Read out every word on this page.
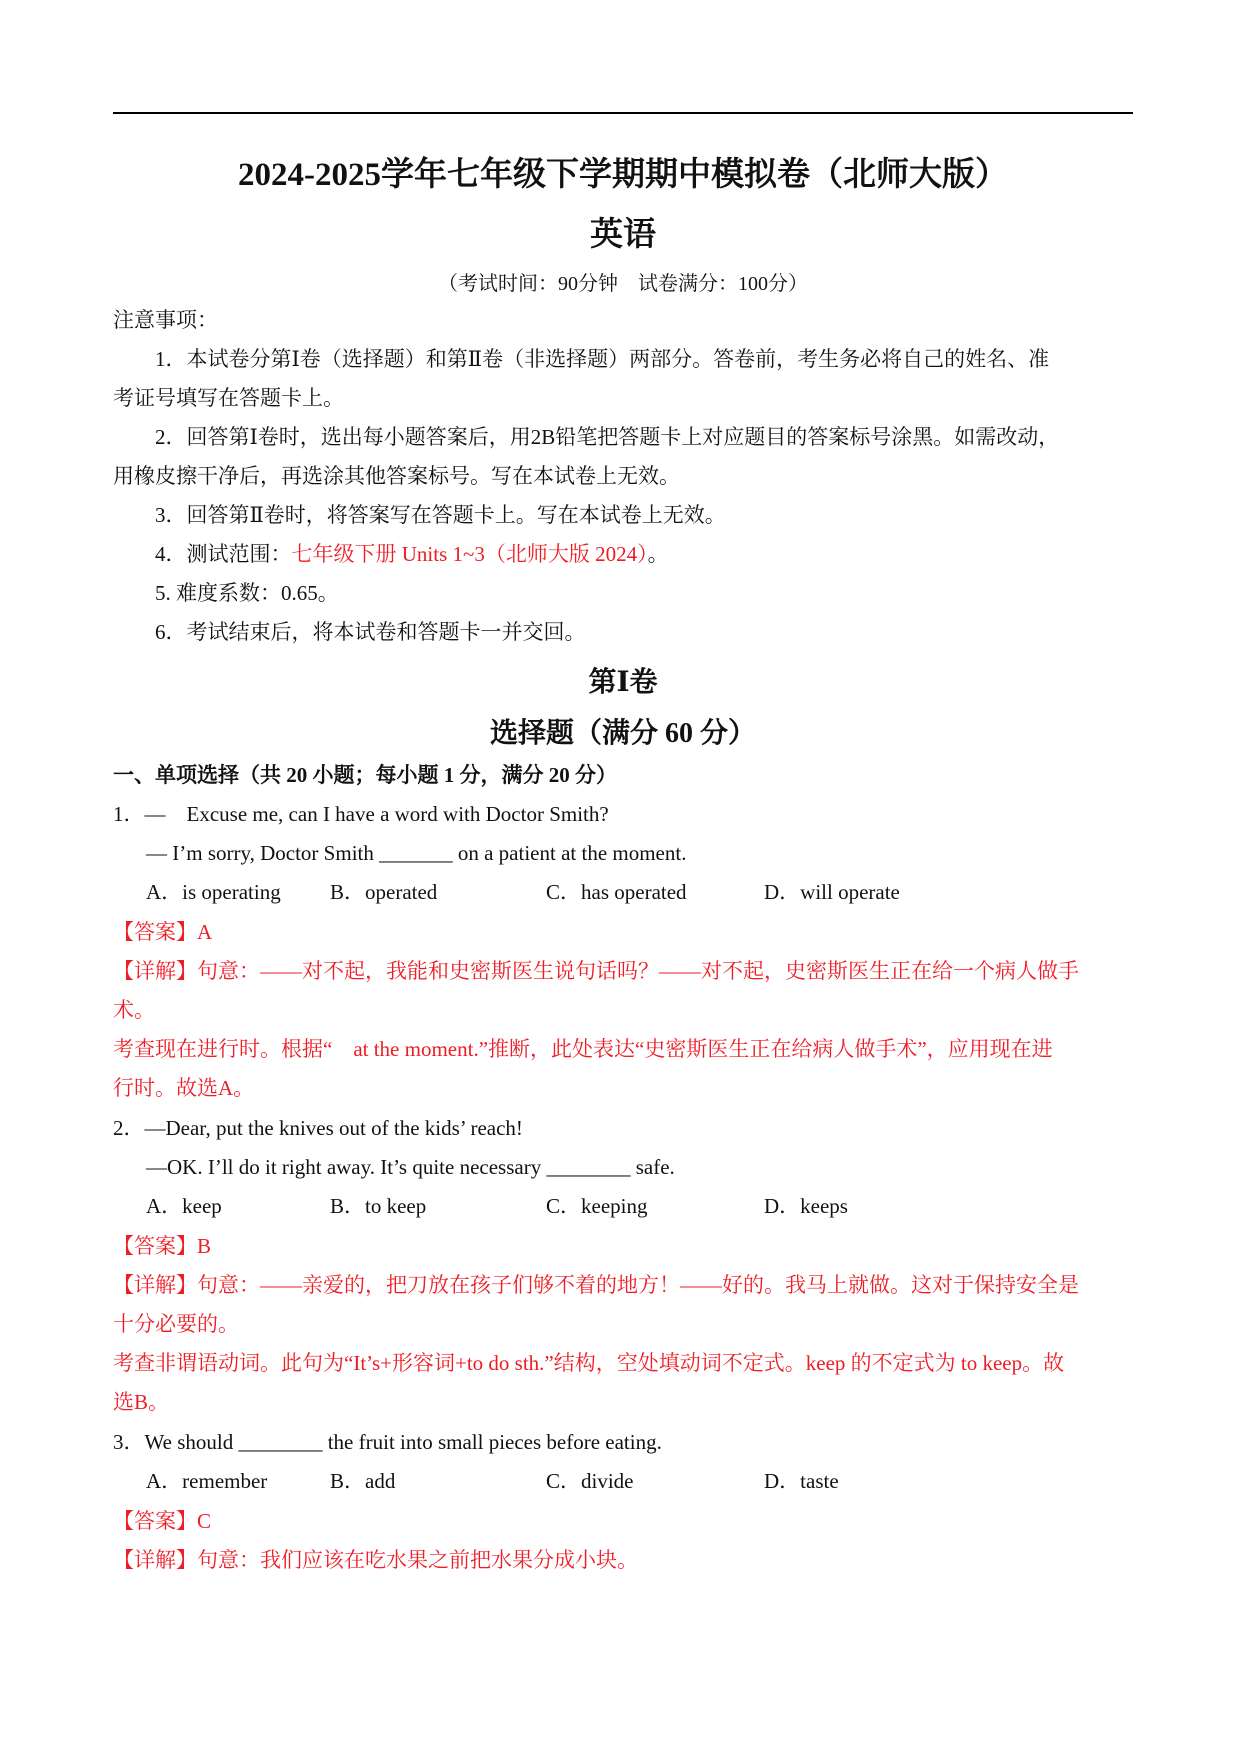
2024-2025学年七年级下学期期中模拟卷（北师大版）
英语
（考试时间：90分钟　试卷满分：100分）
注意事项：
1．本试卷分第Ⅰ卷（选择题）和第Ⅱ卷（非选择题）两部分。答卷前，考生务必将自己的姓名、准
考证号填写在答题卡上。
2．回答第Ⅰ卷时，选出每小题答案后，用2B铅笔把答题卡上对应题目的答案标号涂黑。如需改动，
用橡皮擦干净后，再选涂其他答案标号。写在本试卷上无效。
3．回答第Ⅱ卷时，将答案写在答题卡上。写在本试卷上无效。
4．测试范围：七年级下册 Units 1~3（北师大版 2024）。
5. 难度系数：0.65。
6．考试结束后，将本试卷和答题卡一并交回。
第Ⅰ卷
选择题（满分 60 分）
一、单项选择（共 20 小题；每小题 1 分，满分 20 分）
1．—　Excuse me, can I have a word with Doctor Smith?
— I’m sorry, Doctor Smith _______ on a patient at the moment.
A．is operating B．operated	C．has operated	D．will operate
【答案】A
【详解】句意：——对不起，我能和史密斯医生说句话吗？——对不起，史密斯医生正在给一个病人做手
术。
考查现在进行时。根据“　at the moment.”推断，此处表达“史密斯医生正在给病人做手术”，应用现在进
行时。故选A。
2．—Dear, put the knives out of the kids’ reach!
—OK. I’ll do it right away. It’s quite necessary ________ safe.
A．keep	B．to keep	C．keeping	D．keeps
【答案】B
【详解】句意：——亲爱的，把刀放在孩子们够不着的地方！——好的。我马上就做。这对于保持安全是
十分必要的。
考查非谓语动词。此句为“It’s+形容词+to do sth.”结构，空处填动词不定式。keep 的不定式为 to keep。故
选B。
3．We should ________ the fruit into small pieces before eating.
A．remember	B．add	C．divide	D．taste
【答案】C
【详解】句意：我们应该在吃水果之前把水果分成小块。
